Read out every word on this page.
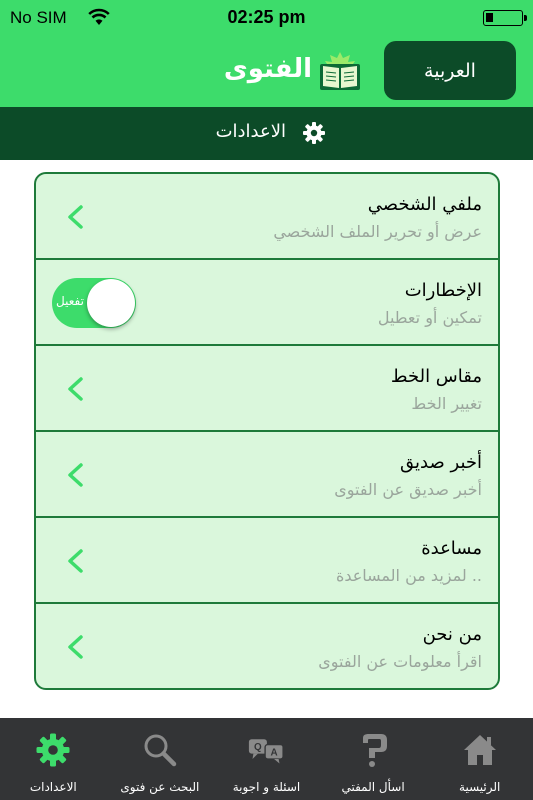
No SIM	02:25 pm
العربية
الفتوى
الاعدادات
ملفي الشخصي
عرض أو تحرير الملف الشخصي
الإخطارات
تمكين أو تعطيل
تفعيل
مقاس الخط
تغيير الخط
أخبر صديق
أخبر صديق عن الفتوى
مساعدة
لمزيد من المساعدة ..
من نحن
اقرأ معلومات عن الفتوى
الاعدادات	البحث عن فتوى
Q A
اسئلة و اجوبة	اسأل المفتي	الرئيسية
